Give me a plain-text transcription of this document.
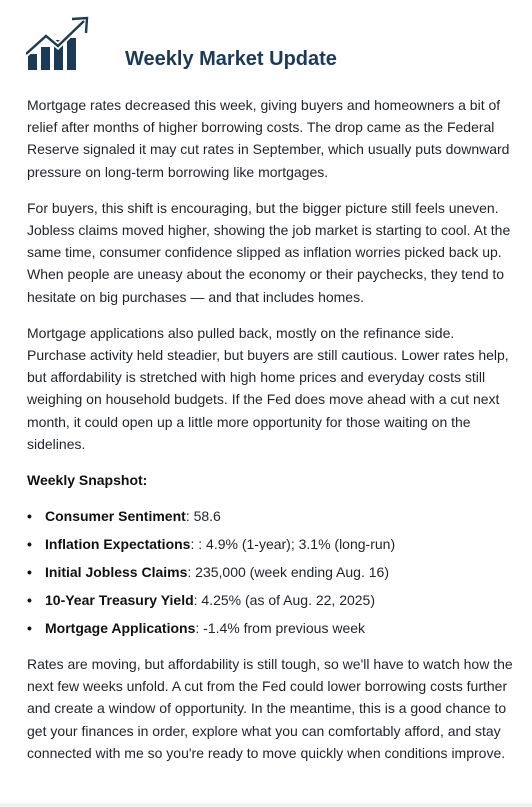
Weekly Market Update

Mortgage rates decreased this week, giving buyers and homeowners a bit of relief after months of higher borrowing costs. The drop came as the Federal Reserve signaled it may cut rates in September, which usually puts downward pressure on long-term borrowing like mortgages.

For buyers, this shift is encouraging, but the bigger picture still feels uneven. Jobless claims moved higher, showing the job market is starting to cool. At the same time, consumer confidence slipped as inflation worries picked back up. When people are uneasy about the economy or their paychecks, they tend to hesitate on big purchases — and that includes homes.

Mortgage applications also pulled back, mostly on the refinance side. Purchase activity held steadier, but buyers are still cautious. Lower rates help, but affordability is stretched with high home prices and everyday costs still weighing on household budgets. If the Fed does move ahead with a cut next month, it could open up a little more opportunity for those waiting on the sidelines.

Weekly Snapshot:
• Consumer Sentiment: 58.6
• Inflation Expectations: : 4.9% (1-year); 3.1% (long-run)
• Initial Jobless Claims: 235,000 (week ending Aug. 16)
• 10-Year Treasury Yield: 4.25% (as of Aug. 22, 2025)
• Mortgage Applications: -1.4% from previous week

Rates are moving, but affordability is still tough, so we'll have to watch how the next few weeks unfold. A cut from the Fed could lower borrowing costs further and create a window of opportunity. In the meantime, this is a good chance to get your finances in order, explore what you can comfortably afford, and stay connected with me so you're ready to move quickly when conditions improve.
